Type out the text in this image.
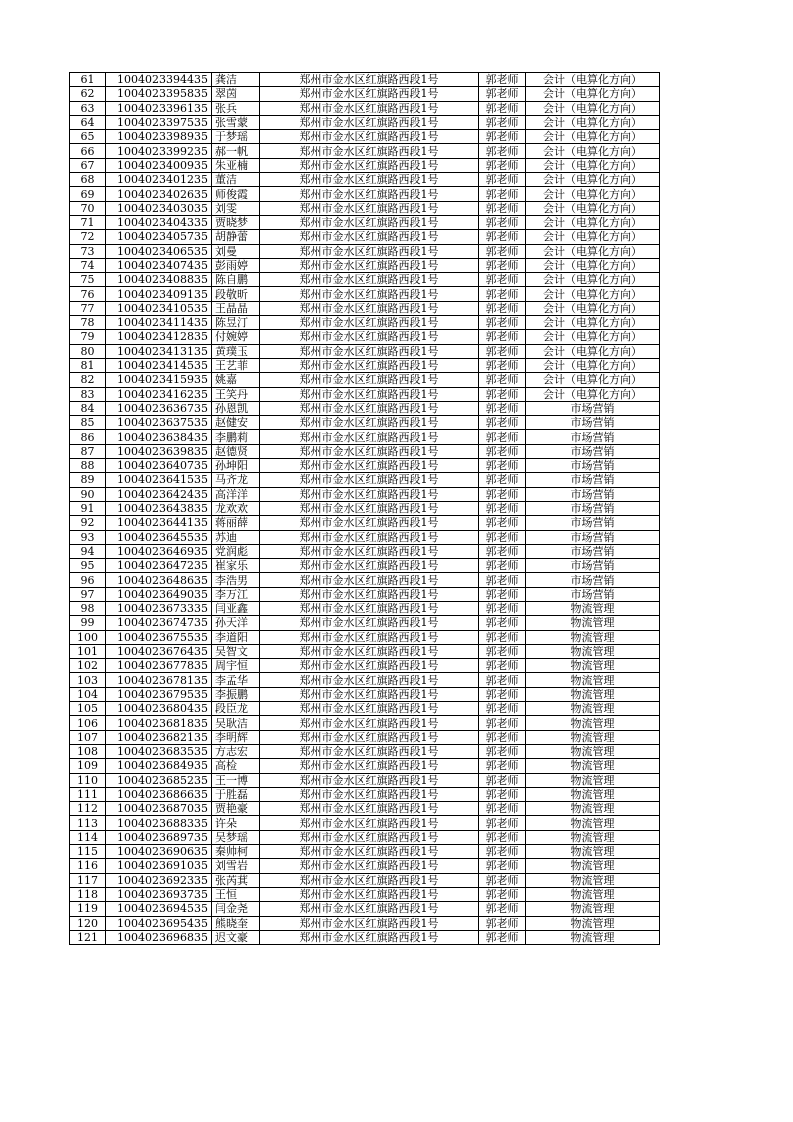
61	1004023394435	龚洁	郑州市金水区红旗路西段1号	郭老师	会计（电算化方向）
62	1004023395835	翠茵	郑州市金水区红旗路西段1号	郭老师	会计（电算化方向）
63	1004023396135	张兵	郑州市金水区红旗路西段1号	郭老师	会计（电算化方向）
64	1004023397535	张雪蒙	郑州市金水区红旗路西段1号	郭老师	会计（电算化方向）
65	1004023398935	于梦瑶	郑州市金水区红旗路西段1号	郭老师	会计（电算化方向）
66	1004023399235	郝一帆	郑州市金水区红旗路西段1号	郭老师	会计（电算化方向）
67	1004023400935	朱亚楠	郑州市金水区红旗路西段1号	郭老师	会计（电算化方向）
68	1004023401235	董洁	郑州市金水区红旗路西段1号	郭老师	会计（电算化方向）
69	1004023402635	师俊霞	郑州市金水区红旗路西段1号	郭老师	会计（电算化方向）
70	1004023403035	刘雯	郑州市金水区红旗路西段1号	郭老师	会计（电算化方向）
71	1004023404335	贾晓梦	郑州市金水区红旗路西段1号	郭老师	会计（电算化方向）
72	1004023405735	胡静蕾	郑州市金水区红旗路西段1号	郭老师	会计（电算化方向）
73	1004023406535	刘曼	郑州市金水区红旗路西段1号	郭老师	会计（电算化方向）
74	1004023407435	彭雨婷	郑州市金水区红旗路西段1号	郭老师	会计（电算化方向）
75	1004023408835	陈自鹏	郑州市金水区红旗路西段1号	郭老师	会计（电算化方向）
76	1004023409135	段敬昕	郑州市金水区红旗路西段1号	郭老师	会计（电算化方向）
77	1004023410535	王晶晶	郑州市金水区红旗路西段1号	郭老师	会计（电算化方向）
78	1004023411435	陈昱汀	郑州市金水区红旗路西段1号	郭老师	会计（电算化方向）
79	1004023412835	付婉婷	郑州市金水区红旗路西段1号	郭老师	会计（电算化方向）
80	1004023413135	黄璞玉	郑州市金水区红旗路西段1号	郭老师	会计（电算化方向）
81	1004023414535	王艺菲	郑州市金水区红旗路西段1号	郭老师	会计（电算化方向）
82	1004023415935	姚嘉	郑州市金水区红旗路西段1号	郭老师	会计（电算化方向）
83	1004023416235	王笑丹	郑州市金水区红旗路西段1号	郭老师	会计（电算化方向）
84	1004023636735	孙恩凯	郑州市金水区红旗路西段1号	郭老师	市场营销
85	1004023637535	赵健安	郑州市金水区红旗路西段1号	郭老师	市场营销
86	1004023638435	李鹏莉	郑州市金水区红旗路西段1号	郭老师	市场营销
87	1004023639835	赵德贤	郑州市金水区红旗路西段1号	郭老师	市场营销
88	1004023640735	孙坤阳	郑州市金水区红旗路西段1号	郭老师	市场营销
89	1004023641535	马齐龙	郑州市金水区红旗路西段1号	郭老师	市场营销
90	1004023642435	高洋洋	郑州市金水区红旗路西段1号	郭老师	市场营销
91	1004023643835	龙欢欢	郑州市金水区红旗路西段1号	郭老师	市场营销
92	1004023644135	蒋丽薛	郑州市金水区红旗路西段1号	郭老师	市场营销
93	1004023645535	苏迪	郑州市金水区红旗路西段1号	郭老师	市场营销
94	1004023646935	党润彪	郑州市金水区红旗路西段1号	郭老师	市场营销
95	1004023647235	崔家乐	郑州市金水区红旗路西段1号	郭老师	市场营销
96	1004023648635	李浩男	郑州市金水区红旗路西段1号	郭老师	市场营销
97	1004023649035	李万江	郑州市金水区红旗路西段1号	郭老师	市场营销
98	1004023673335	闫亚鑫	郑州市金水区红旗路西段1号	郭老师	物流管理
99	1004023674735	孙天洋	郑州市金水区红旗路西段1号	郭老师	物流管理
100	1004023675535	李道阳	郑州市金水区红旗路西段1号	郭老师	物流管理
101	1004023676435	吴智文	郑州市金水区红旗路西段1号	郭老师	物流管理
102	1004023677835	周宇恒	郑州市金水区红旗路西段1号	郭老师	物流管理
103	1004023678135	李孟华	郑州市金水区红旗路西段1号	郭老师	物流管理
104	1004023679535	李振鹏	郑州市金水区红旗路西段1号	郭老师	物流管理
105	1004023680435	段臣龙	郑州市金水区红旗路西段1号	郭老师	物流管理
106	1004023681835	吴耿洁	郑州市金水区红旗路西段1号	郭老师	物流管理
107	1004023682135	李明辉	郑州市金水区红旗路西段1号	郭老师	物流管理
108	1004023683535	方志宏	郑州市金水区红旗路西段1号	郭老师	物流管理
109	1004023684935	高检	郑州市金水区红旗路西段1号	郭老师	物流管理
110	1004023685235	王一博	郑州市金水区红旗路西段1号	郭老师	物流管理
111	1004023686635	于胜磊	郑州市金水区红旗路西段1号	郭老师	物流管理
112	1004023687035	贾艳豪	郑州市金水区红旗路西段1号	郭老师	物流管理
113	1004023688335	许朵	郑州市金水区红旗路西段1号	郭老师	物流管理
114	1004023689735	吴梦瑶	郑州市金水区红旗路西段1号	郭老师	物流管理
115	1004023690635	秦帅柯	郑州市金水区红旗路西段1号	郭老师	物流管理
116	1004023691035	刘雪岩	郑州市金水区红旗路西段1号	郭老师	物流管理
117	1004023692335	张芮萁	郑州市金水区红旗路西段1号	郭老师	物流管理
118	1004023693735	王恒	郑州市金水区红旗路西段1号	郭老师	物流管理
119	1004023694535	闫金尧	郑州市金水区红旗路西段1号	郭老师	物流管理
120	1004023695435	熊晓奎	郑州市金水区红旗路西段1号	郭老师	物流管理
121	1004023696835	迟文豪	郑州市金水区红旗路西段1号	郭老师	物流管理
